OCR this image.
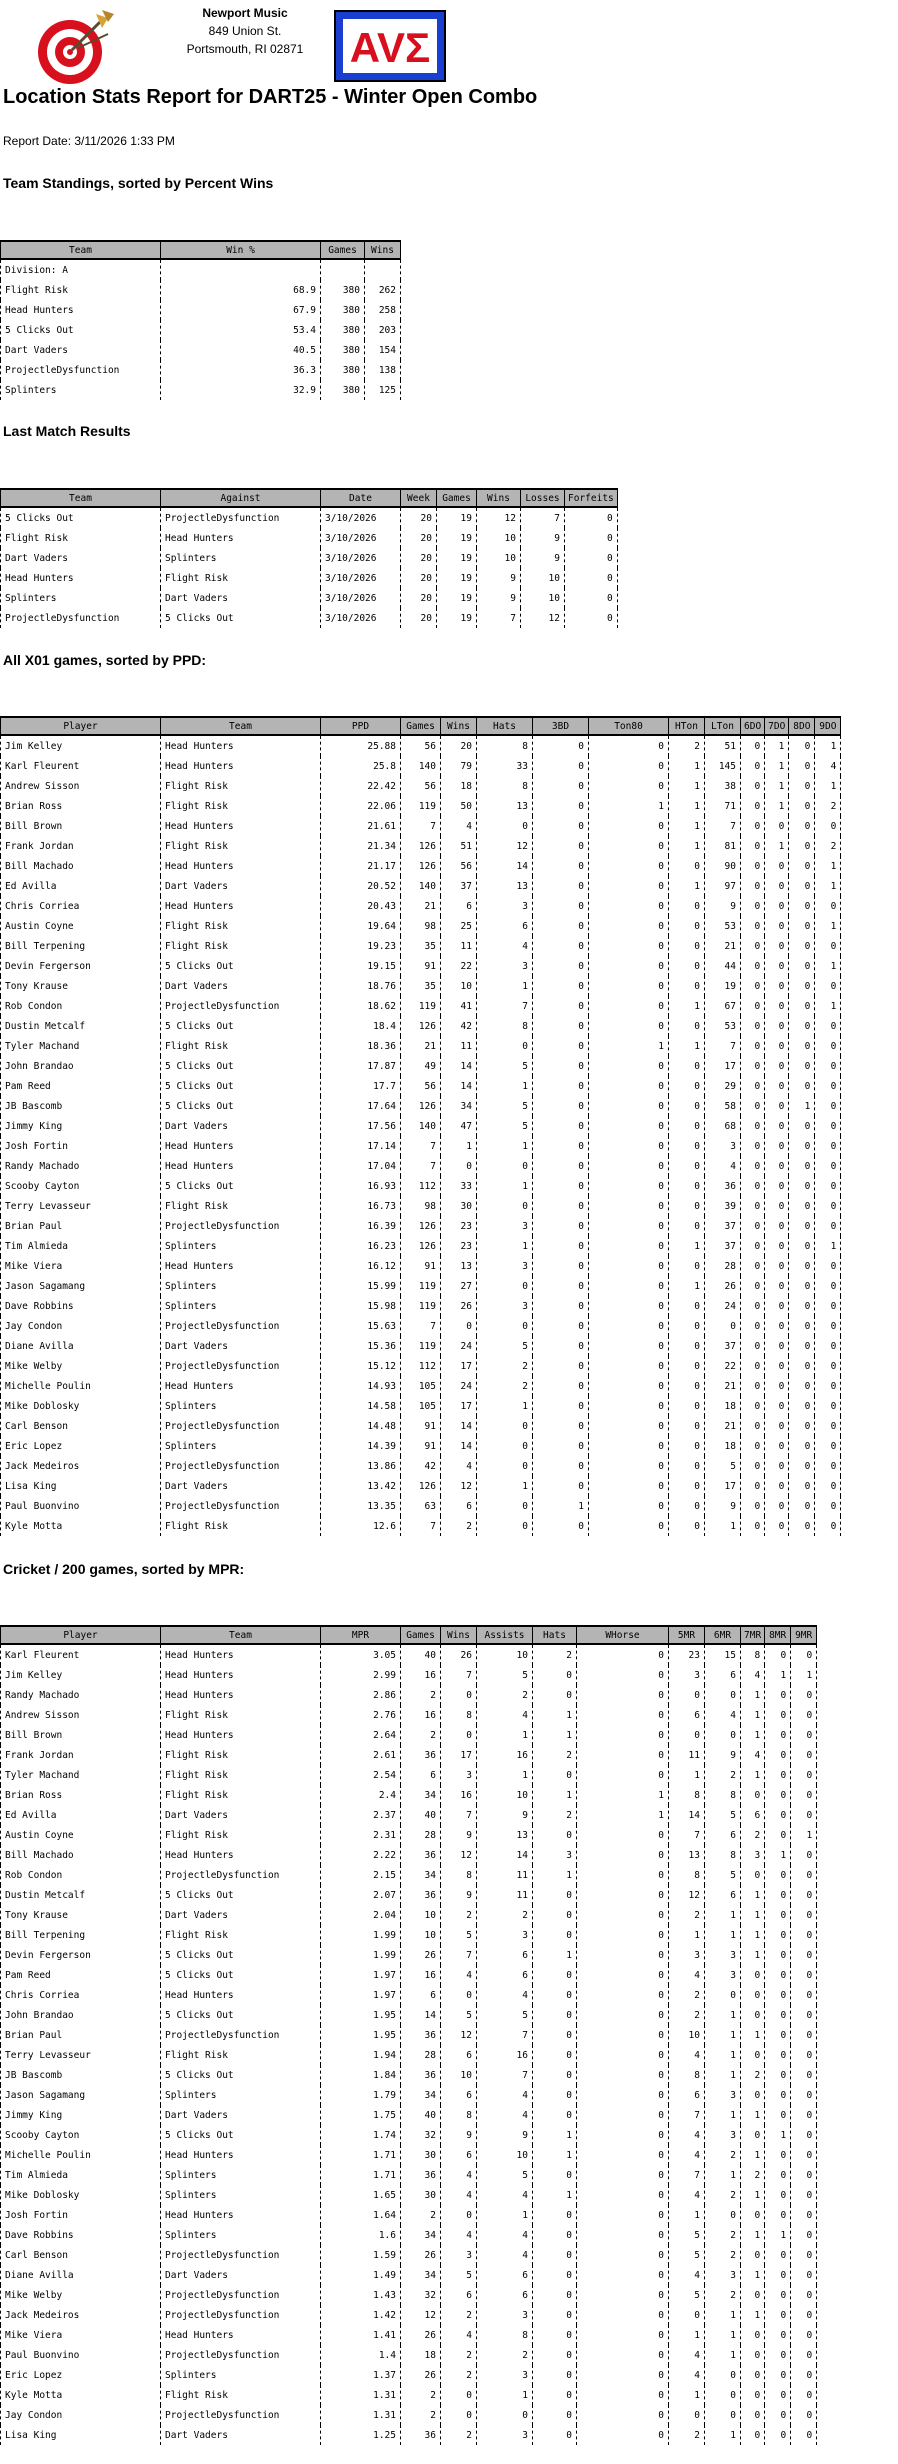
Newport Music
849 Union St.
Portsmouth, RI 02871	AVΣ
Location Stats Report for DART25 - Winter Open Combo
Report Date: 3/11/2026 1:33 PM
Team Standings, sorted by Percent Wins
Team	Win %	Games	Wins
Division: A			
Flight Risk	68.9	380	262
Head Hunters	67.9	380	258
5 Clicks Out	53.4	380	203
Dart Vaders	40.5	380	154
ProjectleDysfunction	36.3	380	138
Splinters	32.9	380	125
Last Match Results
Team	Against	Date	Week	Games	Wins	Losses	Forfeits
5 Clicks Out	ProjectleDysfunction	3/10/2026	20	19	12	7	0
Flight Risk	Head Hunters	3/10/2026	20	19	10	9	0
Dart Vaders	Splinters	3/10/2026	20	19	10	9	0
Head Hunters	Flight Risk	3/10/2026	20	19	9	10	0
Splinters	Dart Vaders	3/10/2026	20	19	9	10	0
ProjectleDysfunction	5 Clicks Out	3/10/2026	20	19	7	12	0
All X01 games, sorted by PPD:
Player	Team	PPD	Games	Wins	Hats	3BD	Ton80	HTon	LTon	6DO	7DO	8DO	9DO
Jim Kelley	Head Hunters	25.88	56	20	8	0	0	2	51	0	1	0	1
Karl Fleurent	Head Hunters	25.8	140	79	33	0	0	1	145	0	1	0	4
Andrew Sisson	Flight Risk	22.42	56	18	8	0	0	1	38	0	1	0	1
Brian Ross	Flight Risk	22.06	119	50	13	0	1	1	71	0	1	0	2
Bill Brown	Head Hunters	21.61	7	4	0	0	0	1	7	0	0	0	0
Frank Jordan	Flight Risk	21.34	126	51	12	0	0	1	81	0	1	0	2
Bill Machado	Head Hunters	21.17	126	56	14	0	0	0	90	0	0	0	1
Ed Avilla	Dart Vaders	20.52	140	37	13	0	0	1	97	0	0	0	1
Chris Corriea	Head Hunters	20.43	21	6	3	0	0	0	9	0	0	0	0
Austin Coyne	Flight Risk	19.64	98	25	6	0	0	0	53	0	0	0	1
Bill Terpening	Flight Risk	19.23	35	11	4	0	0	0	21	0	0	0	0
Devin Fergerson	5 Clicks Out	19.15	91	22	3	0	0	0	44	0	0	0	1
Tony Krause	Dart Vaders	18.76	35	10	1	0	0	0	19	0	0	0	0
Rob Condon	ProjectleDysfunction	18.62	119	41	7	0	0	1	67	0	0	0	1
Dustin Metcalf	5 Clicks Out	18.4	126	42	8	0	0	0	53	0	0	0	0
Tyler Machand	Flight Risk	18.36	21	11	0	0	1	1	7	0	0	0	0
John Brandao	5 Clicks Out	17.87	49	14	5	0	0	0	17	0	0	0	0
Pam Reed	5 Clicks Out	17.7	56	14	1	0	0	0	29	0	0	0	0
JB Bascomb	5 Clicks Out	17.64	126	34	5	0	0	0	58	0	0	1	0
Jimmy King	Dart Vaders	17.56	140	47	5	0	0	0	68	0	0	0	0
Josh Fortin	Head Hunters	17.14	7	1	1	0	0	0	3	0	0	0	0
Randy Machado	Head Hunters	17.04	7	0	0	0	0	0	4	0	0	0	0
Scooby Cayton	5 Clicks Out	16.93	112	33	1	0	0	0	36	0	0	0	0
Terry Levasseur	Flight Risk	16.73	98	30	0	0	0	0	39	0	0	0	0
Brian Paul	ProjectleDysfunction	16.39	126	23	3	0	0	0	37	0	0	0	0
Tim Almieda	Splinters	16.23	126	23	1	0	0	1	37	0	0	0	1
Mike Viera	Head Hunters	16.12	91	13	3	0	0	0	28	0	0	0	0
Jason Sagamang	Splinters	15.99	119	27	0	0	0	1	26	0	0	0	0
Dave Robbins	Splinters	15.98	119	26	3	0	0	0	24	0	0	0	0
Jay Condon	ProjectleDysfunction	15.63	7	0	0	0	0	0	0	0	0	0	0
Diane Avilla	Dart Vaders	15.36	119	24	5	0	0	0	37	0	0	0	0
Mike Welby	ProjectleDysfunction	15.12	112	17	2	0	0	0	22	0	0	0	0
Michelle Poulin	Head Hunters	14.93	105	24	2	0	0	0	21	0	0	0	0
Mike Doblosky	Splinters	14.58	105	17	1	0	0	0	18	0	0	0	0
Carl Benson	ProjectleDysfunction	14.48	91	14	0	0	0	0	21	0	0	0	0
Eric Lopez	Splinters	14.39	91	14	0	0	0	0	18	0	0	0	0
Jack Medeiros	ProjectleDysfunction	13.86	42	4	0	0	0	0	5	0	0	0	0
Lisa King	Dart Vaders	13.42	126	12	1	0	0	0	17	0	0	0	0
Paul Buonvino	ProjectleDysfunction	13.35	63	6	0	1	0	0	9	0	0	0	0
Kyle Motta	Flight Risk	12.6	7	2	0	0	0	0	1	0	0	0	0
Cricket / 200 games, sorted by MPR:
Player	Team	MPR	Games	Wins	Assists	Hats	WHorse	5MR	6MR	7MR	8MR	9MR
Karl Fleurent	Head Hunters	3.05	40	26	10	2	0	23	15	8	0	0
Jim Kelley	Head Hunters	2.99	16	7	5	0	0	3	6	4	1	1
Randy Machado	Head Hunters	2.86	2	0	2	0	0	0	0	1	0	0
Andrew Sisson	Flight Risk	2.76	16	8	4	1	0	6	4	1	0	0
Bill Brown	Head Hunters	2.64	2	0	1	1	0	0	0	1	0	0
Frank Jordan	Flight Risk	2.61	36	17	16	2	0	11	9	4	0	0
Tyler Machand	Flight Risk	2.54	6	3	1	0	0	1	2	1	0	0
Brian Ross	Flight Risk	2.4	34	16	10	1	1	8	8	0	0	0
Ed Avilla	Dart Vaders	2.37	40	7	9	2	1	14	5	6	0	0
Austin Coyne	Flight Risk	2.31	28	9	13	0	0	7	6	2	0	1
Bill Machado	Head Hunters	2.22	36	12	14	3	0	13	8	3	1	0
Rob Condon	ProjectleDysfunction	2.15	34	8	11	1	0	8	5	0	0	0
Dustin Metcalf	5 Clicks Out	2.07	36	9	11	0	0	12	6	1	0	0
Tony Krause	Dart Vaders	2.04	10	2	2	0	0	2	1	1	0	0
Bill Terpening	Flight Risk	1.99	10	5	3	0	0	1	1	1	0	0
Devin Fergerson	5 Clicks Out	1.99	26	7	6	1	0	3	3	1	0	0
Pam Reed	5 Clicks Out	1.97	16	4	6	0	0	4	3	0	0	0
Chris Corriea	Head Hunters	1.97	6	0	4	0	0	2	0	0	0	0
John Brandao	5 Clicks Out	1.95	14	5	5	0	0	2	1	0	0	0
Brian Paul	ProjectleDysfunction	1.95	36	12	7	0	0	10	1	1	0	0
Terry Levasseur	Flight Risk	1.94	28	6	16	0	0	4	1	0	0	0
JB Bascomb	5 Clicks Out	1.84	36	10	7	0	0	8	1	2	0	0
Jason Sagamang	Splinters	1.79	34	6	4	0	0	6	3	0	0	0
Jimmy King	Dart Vaders	1.75	40	8	4	0	0	7	1	1	0	0
Scooby Cayton	5 Clicks Out	1.74	32	9	9	1	0	4	3	0	1	0
Michelle Poulin	Head Hunters	1.71	30	6	10	1	0	4	2	1	0	0
Tim Almieda	Splinters	1.71	36	4	5	0	0	7	1	2	0	0
Mike Doblosky	Splinters	1.65	30	4	4	1	0	4	2	1	0	0
Josh Fortin	Head Hunters	1.64	2	0	1	0	0	1	0	0	0	0
Dave Robbins	Splinters	1.6	34	4	4	0	0	5	2	1	1	0
Carl Benson	ProjectleDysfunction	1.59	26	3	4	0	0	5	2	0	0	0
Diane Avilla	Dart Vaders	1.49	34	5	6	0	0	4	3	1	0	0
Mike Welby	ProjectleDysfunction	1.43	32	6	6	0	0	5	2	0	0	0
Jack Medeiros	ProjectleDysfunction	1.42	12	2	3	0	0	0	1	1	0	0
Mike Viera	Head Hunters	1.41	26	4	8	0	0	1	1	0	0	0
Paul Buonvino	ProjectleDysfunction	1.4	18	2	2	0	0	4	1	0	0	0
Eric Lopez	Splinters	1.37	26	2	3	0	0	4	0	0	0	0
Kyle Motta	Flight Risk	1.31	2	0	1	0	0	1	0	0	0	0
Jay Condon	ProjectleDysfunction	1.31	2	0	0	0	0	0	0	0	0	0
Lisa King	Dart Vaders	1.25	36	2	3	0	0	2	1	0	0	0
